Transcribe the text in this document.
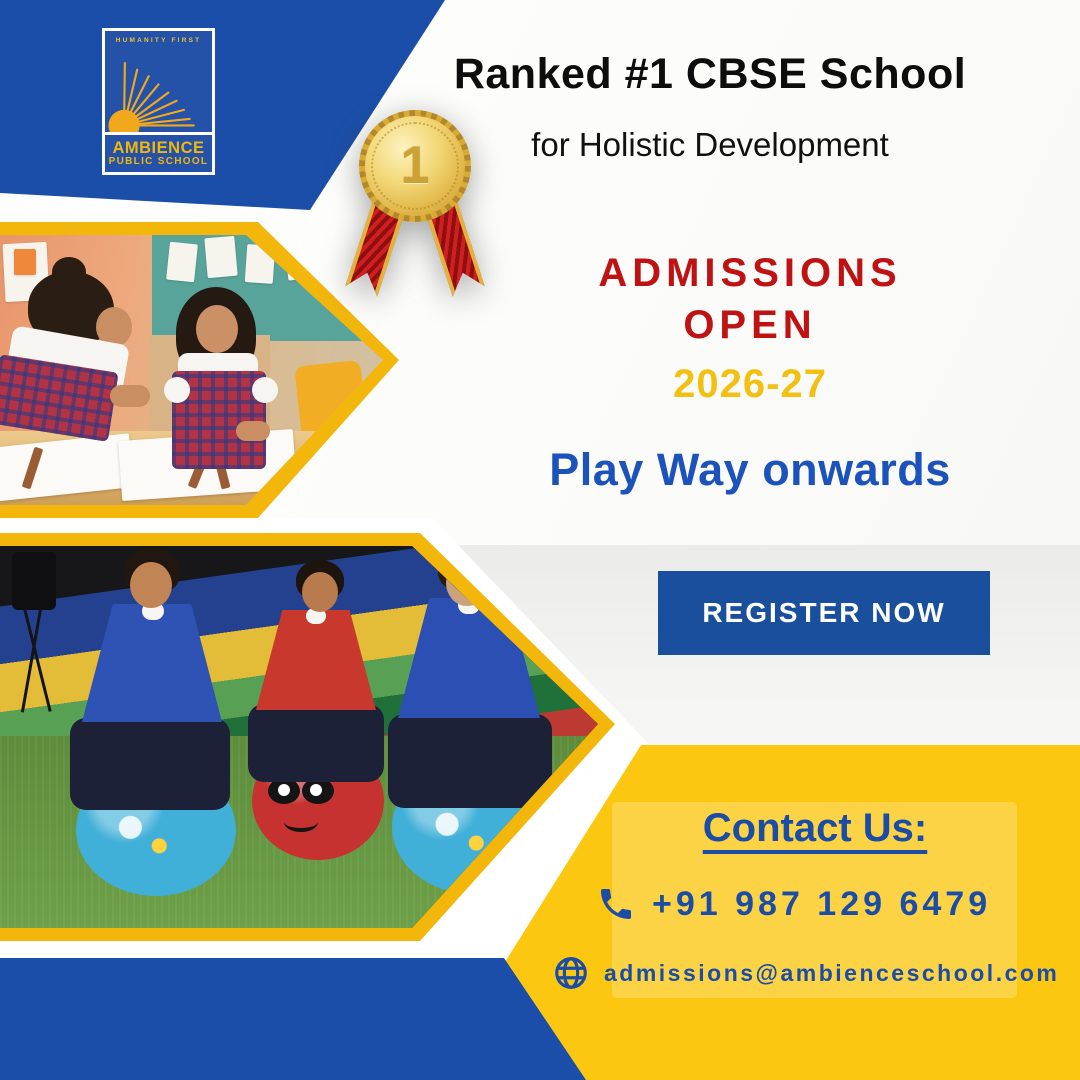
HUMANITY FIRST
AMBIENCE
PUBLIC SCHOOL
Ranked #1 CBSE School
for Holistic Development
1
ADMISSIONS
OPEN
2026-27
Play Way onwards
REGISTER NOW
Contact Us:
+91 987 129 6479
admissions@ambienceschool.com
